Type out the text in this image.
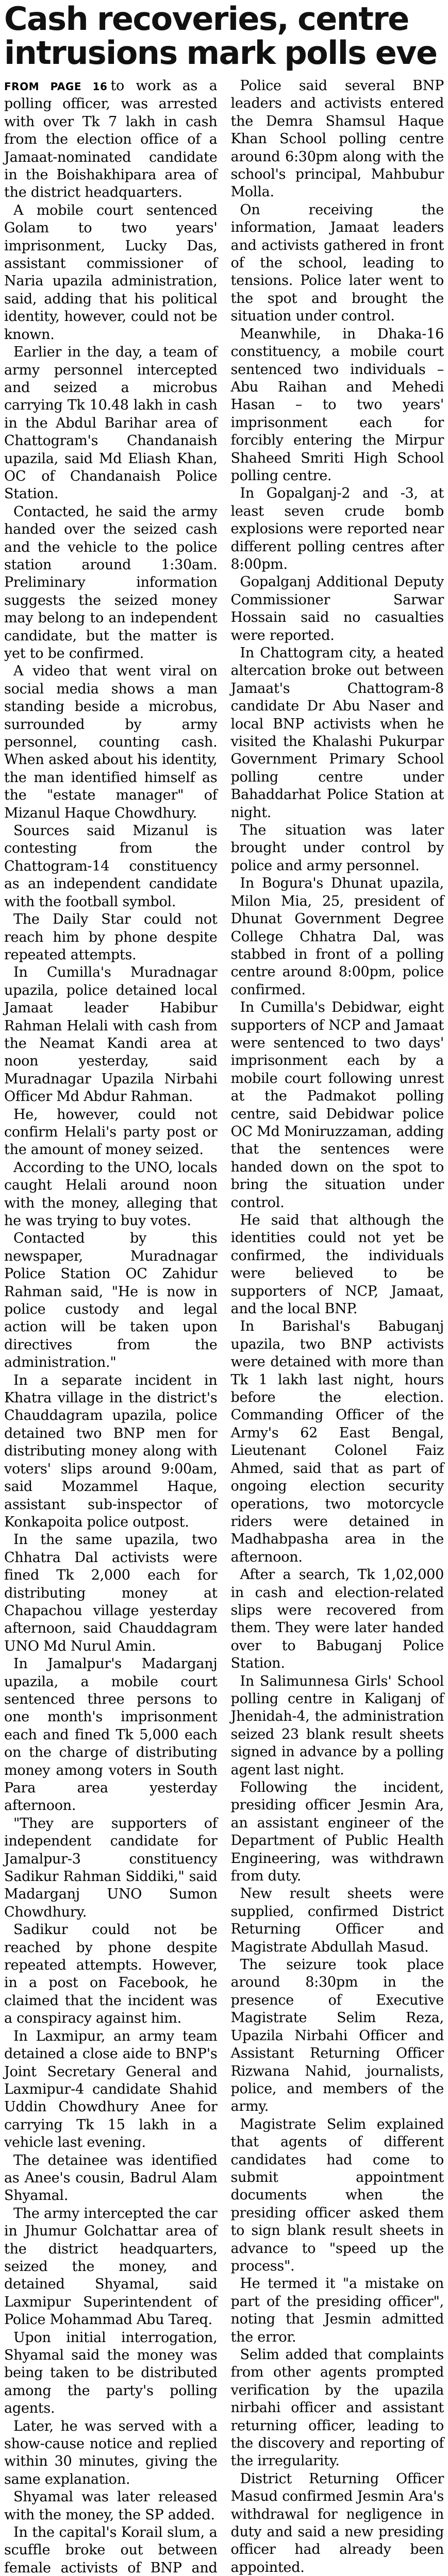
Cash recoveries, centre
intrusions mark polls eve

FROM PAGE 16 to work as a polling officer, was arrested with over Tk 7 lakh in cash from the election office of a Jamaat-nominated candidate in the Boishakhipara area of the district headquarters.

A mobile court sentenced Golam to two years' imprisonment, Lucky Das, assistant commissioner of Naria upazila administration, said, adding that his political identity, however, could not be known.

Earlier in the day, a team of army personnel intercepted and seized a microbus carrying Tk 10.48 lakh in cash in the Abdul Barihar area of Chattogram's Chandanaish upazila, said Md Eliash Khan, OC of Chandanaish Police Station.

Contacted, he said the army handed over the seized cash and the vehicle to the police station around 1:30am. Preliminary information suggests the seized money may belong to an independent candidate, but the matter is yet to be confirmed.

A video that went viral on social media shows a man standing beside a microbus, surrounded by army personnel, counting cash. When asked about his identity, the man identified himself as the "estate manager" of Mizanul Haque Chowdhury.

Sources said Mizanul is contesting from the Chattogram-14 constituency as an independent candidate with the football symbol.

The Daily Star could not reach him by phone despite repeated attempts.

In Cumilla's Muradnagar upazila, police detained local Jamaat leader Habibur Rahman Helali with cash from the Neamat Kandi area at noon yesterday, said Muradnagar Upazila Nirbahi Officer Md Abdur Rahman.

He, however, could not confirm Helali's party post or the amount of money seized.

According to the UNO, locals caught Helali around noon with the money, alleging that he was trying to buy votes.

Contacted by this newspaper, Muradnagar Police Station OC Zahidur Rahman said, "He is now in police custody and legal action will be taken upon directives from the administration."

In a separate incident in Khatra village in the district's Chauddagram upazila, police detained two BNP men for distributing money along with voters' slips around 9:00am, said Mozammel Haque, assistant sub-inspector of Konkapoita police outpost.

In the same upazila, two Chhatra Dal activists were fined Tk 2,000 each for distributing money at Chapachou village yesterday afternoon, said Chauddagram UNO Md Nurul Amin.

In Jamalpur's Madarganj upazila, a mobile court sentenced three persons to one month's imprisonment each and fined Tk 5,000 each on the charge of distributing money among voters in South Para area yesterday afternoon.

"They are supporters of independent candidate for Jamalpur-3 constituency Sadikur Rahman Siddiki," said Madarganj UNO Sumon Chowdhury.

Sadikur could not be reached by phone despite repeated attempts. However, in a post on Facebook, he claimed that the incident was a conspiracy against him.

In Laxmipur, an army team detained a close aide to BNP's Joint Secretary General and Laxmipur-4 candidate Shahid Uddin Chowdhury Anee for carrying Tk 15 lakh in a vehicle last evening.

The detainee was identified as Anee's cousin, Badrul Alam Shyamal.

The army intercepted the car in Jhumur Golchattar area of the district headquarters, seized the money, and detained Shyamal, said Laxmipur Superintendent of Police Mohammad Abu Tareq.

Upon initial interrogation, Shyamal said the money was being taken to be distributed among the party's polling agents.

Later, he was served with a show-cause notice and replied within 30 minutes, giving the same explanation.

Shyamal was later released with the money, the SP added.

In the capital's Korail slum, a scuffle broke out between female activists of BNP and

Police said several BNP leaders and activists entered the Demra Shamsul Haque Khan School polling centre around 6:30pm along with the school's principal, Mahbubur Molla.

On receiving the information, Jamaat leaders and activists gathered in front of the school, leading to tensions. Police later went to the spot and brought the situation under control.

Meanwhile, in Dhaka-16 constituency, a mobile court sentenced two individuals – Abu Raihan and Mehedi Hasan – to two years' imprisonment each for forcibly entering the Mirpur Shaheed Smriti High School polling centre.

In Gopalganj-2 and -3, at least seven crude bomb explosions were reported near different polling centres after 8:00pm.

Gopalganj Additional Deputy Commissioner Sarwar Hossain said no casualties were reported.

In Chattogram city, a heated altercation broke out between Jamaat's Chattogram-8 candidate Dr Abu Naser and local BNP activists when he visited the Khalashi Pukurpar Government Primary School polling centre under Bahaddarhat Police Station at night.

The situation was later brought under control by police and army personnel.

In Bogura's Dhunat upazila, Milon Mia, 25, president of Dhunat Government Degree College Chhatra Dal, was stabbed in front of a polling centre around 8:00pm, police confirmed.

In Cumilla's Debidwar, eight supporters of NCP and Jamaat were sentenced to two days' imprisonment each by a mobile court following unrest at the Padmakot polling centre, said Debidwar police OC Md Moniruzzaman, adding that the sentences were handed down on the spot to bring the situation under control.

He said that although the identities could not yet be confirmed, the individuals were believed to be supporters of NCP, Jamaat, and the local BNP.

In Barishal's Babuganj upazila, two BNP activists were detained with more than Tk 1 lakh last night, hours before the election. Commanding Officer of the Army's 62 East Bengal, Lieutenant Colonel Faiz Ahmed, said that as part of ongoing election security operations, two motorcycle riders were detained in Madhabpasha area in the afternoon.

After a search, Tk 1,02,000 in cash and election-related slips were recovered from them. They were later handed over to Babuganj Police Station.

In Salimunnesa Girls' School polling centre in Kaliganj of Jhenidah-4, the administration seized 23 blank result sheets signed in advance by a polling agent last night.

Following the incident, presiding officer Jesmin Ara, an assistant engineer of the Department of Public Health Engineering, was withdrawn from duty.

New result sheets were supplied, confirmed District Returning Officer and Magistrate Abdullah Masud.

The seizure took place around 8:30pm in the presence of Executive Magistrate Selim Reza, Upazila Nirbahi Officer and Assistant Returning Officer Rizwana Nahid, journalists, police, and members of the army.

Magistrate Selim explained that agents of different candidates had come to submit appointment documents when the presiding officer asked them to sign blank result sheets in advance to "speed up the process".

He termed it "a mistake on part of the presiding officer", noting that Jesmin admitted the error.

Selim added that complaints from other agents prompted verification by the upazila nirbahi officer and assistant returning officer, leading to the discovery and reporting of the irregularity.

District Returning Officer Masud confirmed Jesmin Ara's withdrawal for negligence in duty and said a new presiding officer had already been appointed.
